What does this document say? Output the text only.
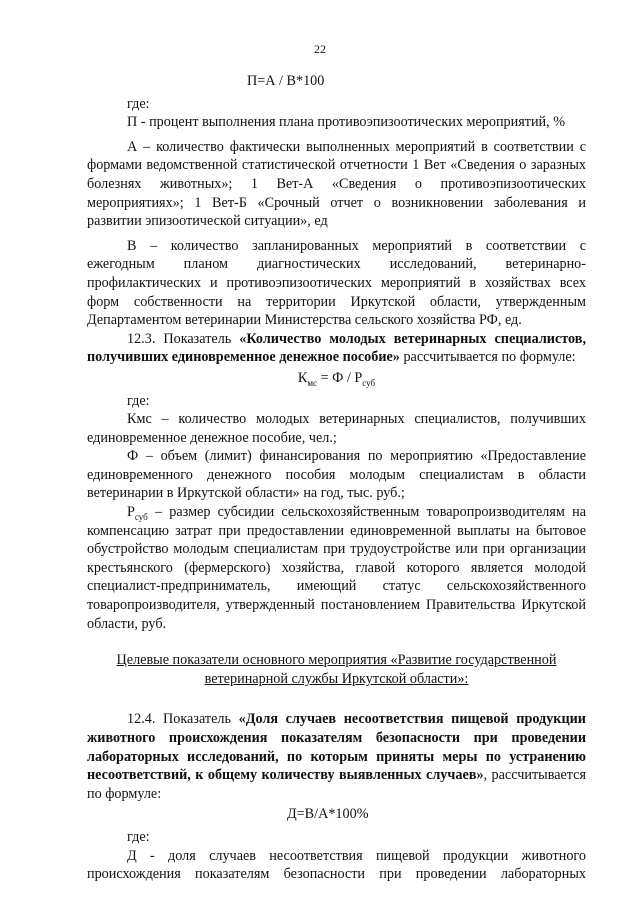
22

П=А / В*100

где:

П - процент выполнения плана противоэпизоотических мероприятий, %

А – количество фактически выполненных мероприятий в соответствии с формами ведомственной статистической отчетности 1 Вет «Сведения о заразных болезнях животных»; 1 Вет-А «Сведения о противоэпизоотических мероприятиях»; 1 Вет-Б «Срочный отчет о возникновении заболевания и развитии эпизоотической ситуации», ед

В – количество запланированных мероприятий в соответствии с ежегодным планом диагностических исследований, ветеринарно-профилактических и противоэпизоотических мероприятий в хозяйствах всех форм собственности на территории Иркутской области, утвержденным Департаментом ветеринарии Министерства сельского хозяйства РФ, ед.

12.3. Показатель «Количество молодых ветеринарных специалистов, получивших единовременное денежное пособие» рассчитывается по формуле:

$К_{мс} = Ф / Р_{суб}$

где:

Кмс – количество молодых ветеринарных специалистов, получивших единовременное денежное пособие, чел.;

Ф – объем (лимит) финансирования по мероприятию «Предоставление единовременного денежного пособия молодым специалистам в области ветеринарии в Иркутской области» на год, тыс. руб.;

$Р_{суб}$ – размер субсидии сельскохозяйственным товаропроизводителям на компенсацию затрат при предоставлении единовременной выплаты на бытовое обустройство молодым специалистам при трудоустройстве или при организации крестьянского (фермерского) хозяйства, главой которого является молодой специалист-предприниматель, имеющий статус сельскохозяйственного товаропроизводителя, утвержденный постановлением Правительства Иркутской области, руб.

Целевые показатели основного мероприятия «Развитие государственной
ветеринарной службы Иркутской области»:

12.4. Показатель «Доля случаев несоответствия пищевой продукции животного происхождения показателям безопасности при проведении лабораторных исследований, по которым приняты меры по устранению несоответствий, к общему количеству выявленных случаев», рассчитывается по формуле:

Д=В/А*100%

где:

Д - доля случаев несоответствия пищевой продукции животного происхождения показателям безопасности при проведении лабораторных
